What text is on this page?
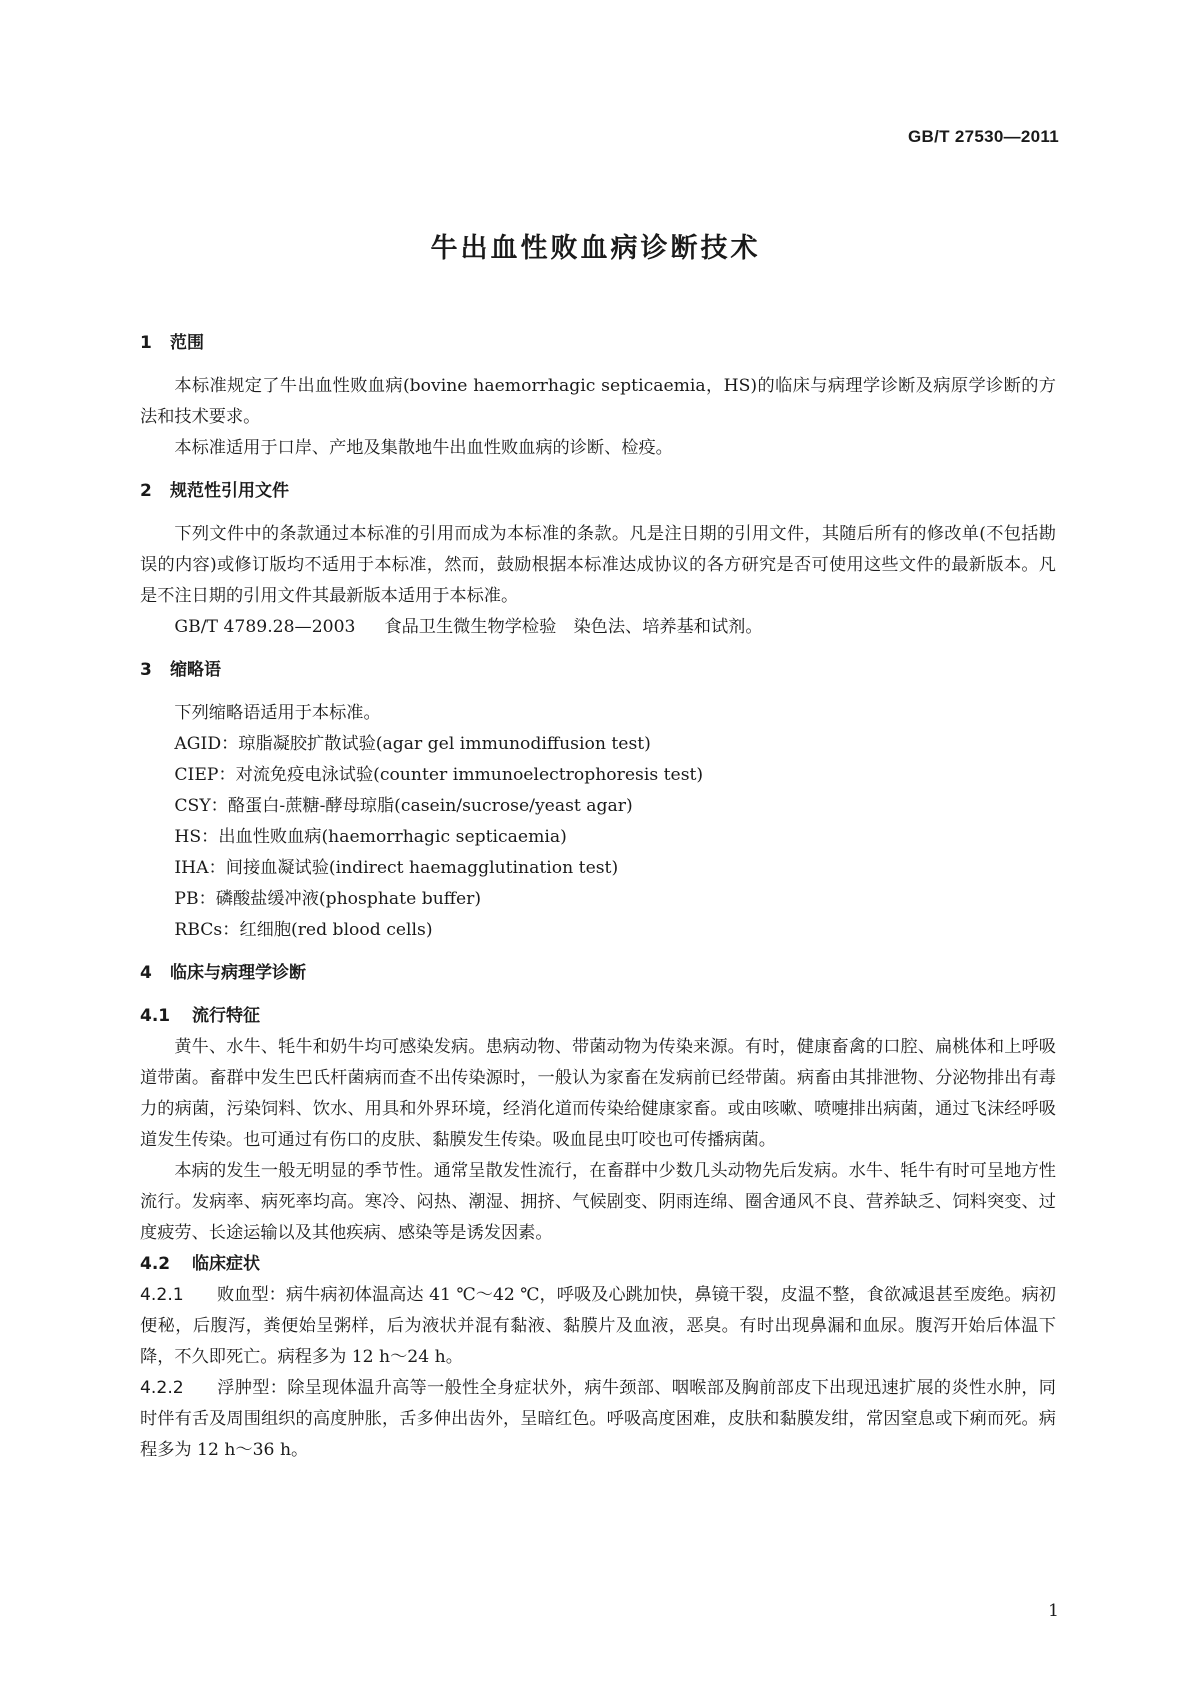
GB/T 27530—2011

牛出血性败血病诊断技术
1 范围

本标准规定了牛出血性败血病(bovine haemorrhagic septicaemia，HS)的临床与病理学诊断及病原学诊断的方法和技术要求。

本标准适用于口岸、产地及集散地牛出血性败血病的诊断、检疫。

2 规范性引用文件

下列文件中的条款通过本标准的引用而成为本标准的条款。凡是注日期的引用文件，其随后所有的修改单(不包括勘误的内容)或修订版均不适用于本标准，然而，鼓励根据本标准达成协议的各方研究是否可使用这些文件的最新版本。凡是不注日期的引用文件其最新版本适用于本标准。

GB/T 4789.28—2003 食品卫生微生物学检验　染色法、培养基和试剂。

3 缩略语

下列缩略语适用于本标准。

AGID：琼脂凝胶扩散试验(agar gel immunodiffusion test)

CIEP：对流免疫电泳试验(counter immunoelectrophoresis test)

CSY：酪蛋白-蔗糖-酵母琼脂(casein/sucrose/yeast agar)

HS：出血性败血病(haemorrhagic septicaemia)

IHA：间接血凝试验(indirect haemagglutination test)

PB：磷酸盐缓冲液(phosphate buffer)

RBCs：红细胞(red blood cells)

4 临床与病理学诊断
4.1 流行特征

黄牛、水牛、牦牛和奶牛均可感染发病。患病动物、带菌动物为传染来源。有时，健康畜禽的口腔、扁桃体和上呼吸道带菌。畜群中发生巴氏杆菌病而查不出传染源时，一般认为家畜在发病前已经带菌。病畜由其排泄物、分泌物排出有毒力的病菌，污染饲料、饮水、用具和外界环境，经消化道而传染给健康家畜。或由咳嗽、喷嚏排出病菌，通过飞沫经呼吸道发生传染。也可通过有伤口的皮肤、黏膜发生传染。吸血昆虫叮咬也可传播病菌。

本病的发生一般无明显的季节性。通常呈散发性流行，在畜群中少数几头动物先后发病。水牛、牦牛有时可呈地方性流行。发病率、病死率均高。寒冷、闷热、潮湿、拥挤、气候剧变、阴雨连绵、圈舍通风不良、营养缺乏、饲料突变、过度疲劳、长途运输以及其他疾病、感染等是诱发因素。

4.2 临床症状

4.2.1 败血型：病牛病初体温高达 41 ℃～42 ℃，呼吸及心跳加快，鼻镜干裂，皮温不整，食欲减退甚至废绝。病初便秘，后腹泻，粪便始呈粥样，后为液状并混有黏液、黏膜片及血液，恶臭。有时出现鼻漏和血尿。腹泻开始后体温下降，不久即死亡。病程多为 12 h～24 h。

4.2.2 浮肿型：除呈现体温升高等一般性全身症状外，病牛颈部、咽喉部及胸前部皮下出现迅速扩展的炎性水肿，同时伴有舌及周围组织的高度肿胀，舌多伸出齿外，呈暗红色。呼吸高度困难，皮肤和黏膜发绀，常因窒息或下痢而死。病程多为 12 h～36 h。

1
